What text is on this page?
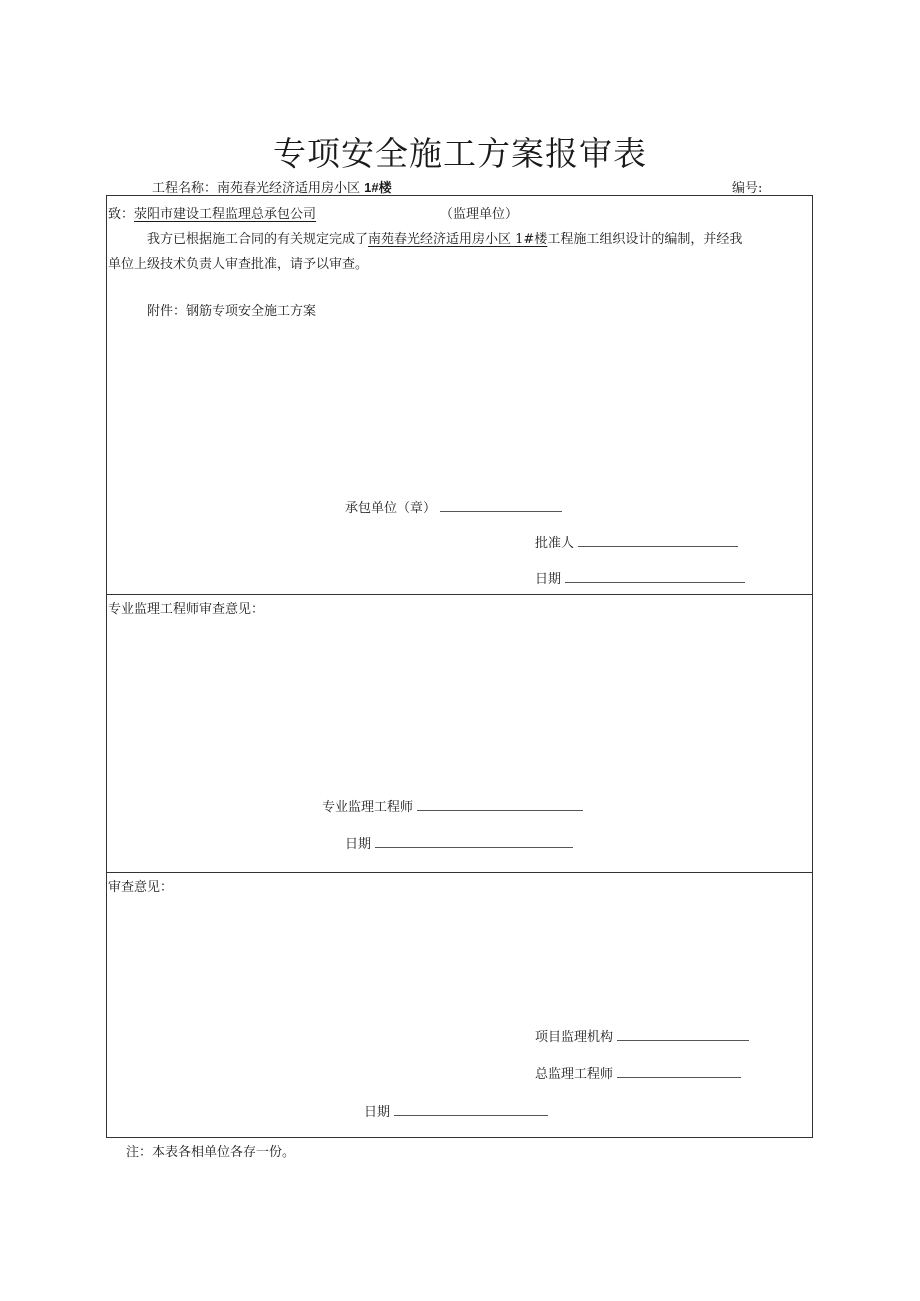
专项安全施工方案报审表
工程名称：南苑春光经济适用房小区 1#楼	编号:
致：荥阳市建设工程监理总承包公司	（监理单位）
我方已根据施工合同的有关规定完成了南苑春光经济适用房小区 1#楼工程施工组织设计的编制，并经我
单位上级技术负责人审查批准，请予以审查。
附件：钢筋专项安全施工方案
承包单位（章）
批准人
日期
专业监理工程师审查意见：
专业监理工程师
日期
审查意见：
项目监理机构
总监理工程师
日期
注：本表各相单位各存一份。
